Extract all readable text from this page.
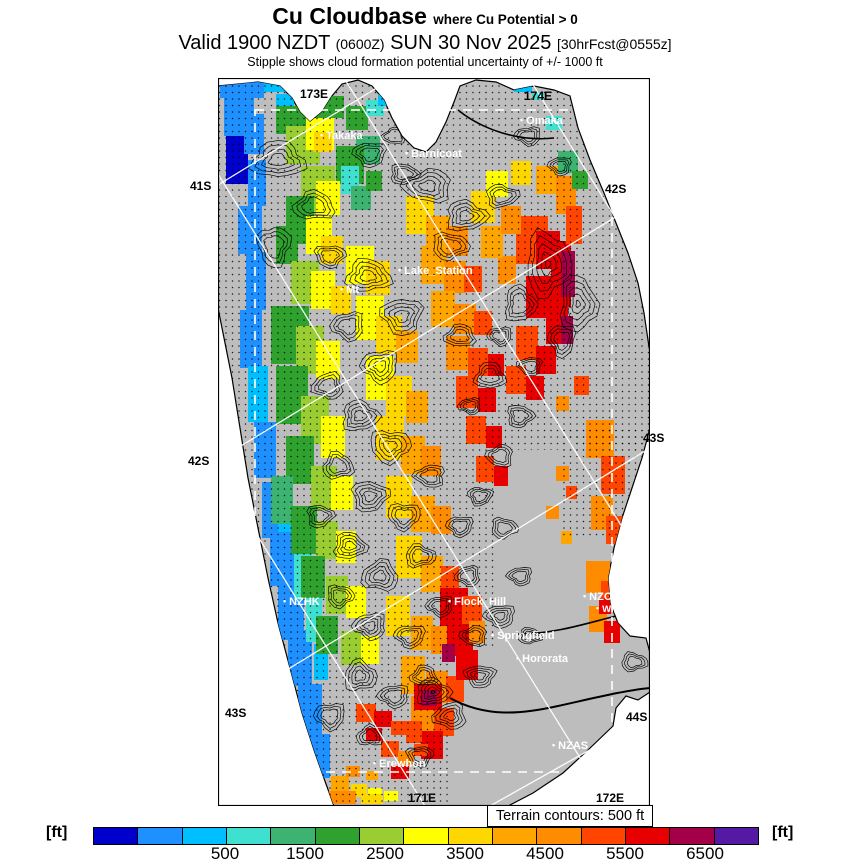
Cu Cloudbase where Cu Potential > 0
Valid 1900 NZDT (0600Z) SUN 30 Nov 2025 [30hrFcst@0555z]
Stipple shows cloud formation potential uncertainty of +/- 1000 ft
• Takaka
• Barnicoat
• Omaka
• Lake_Station
• Mt
• NZHK	• Flock_Hill	• NZCH
• Wigram
• Springfield
• Hororata
• NZAS
• Erewhon
173E	174E
41S
42S
43S
42S
43S
44S
171E	172E
Terrain contours: 500 ft
[ft]	[ft]
500	1500 2500 3500 4500 5500 6500
